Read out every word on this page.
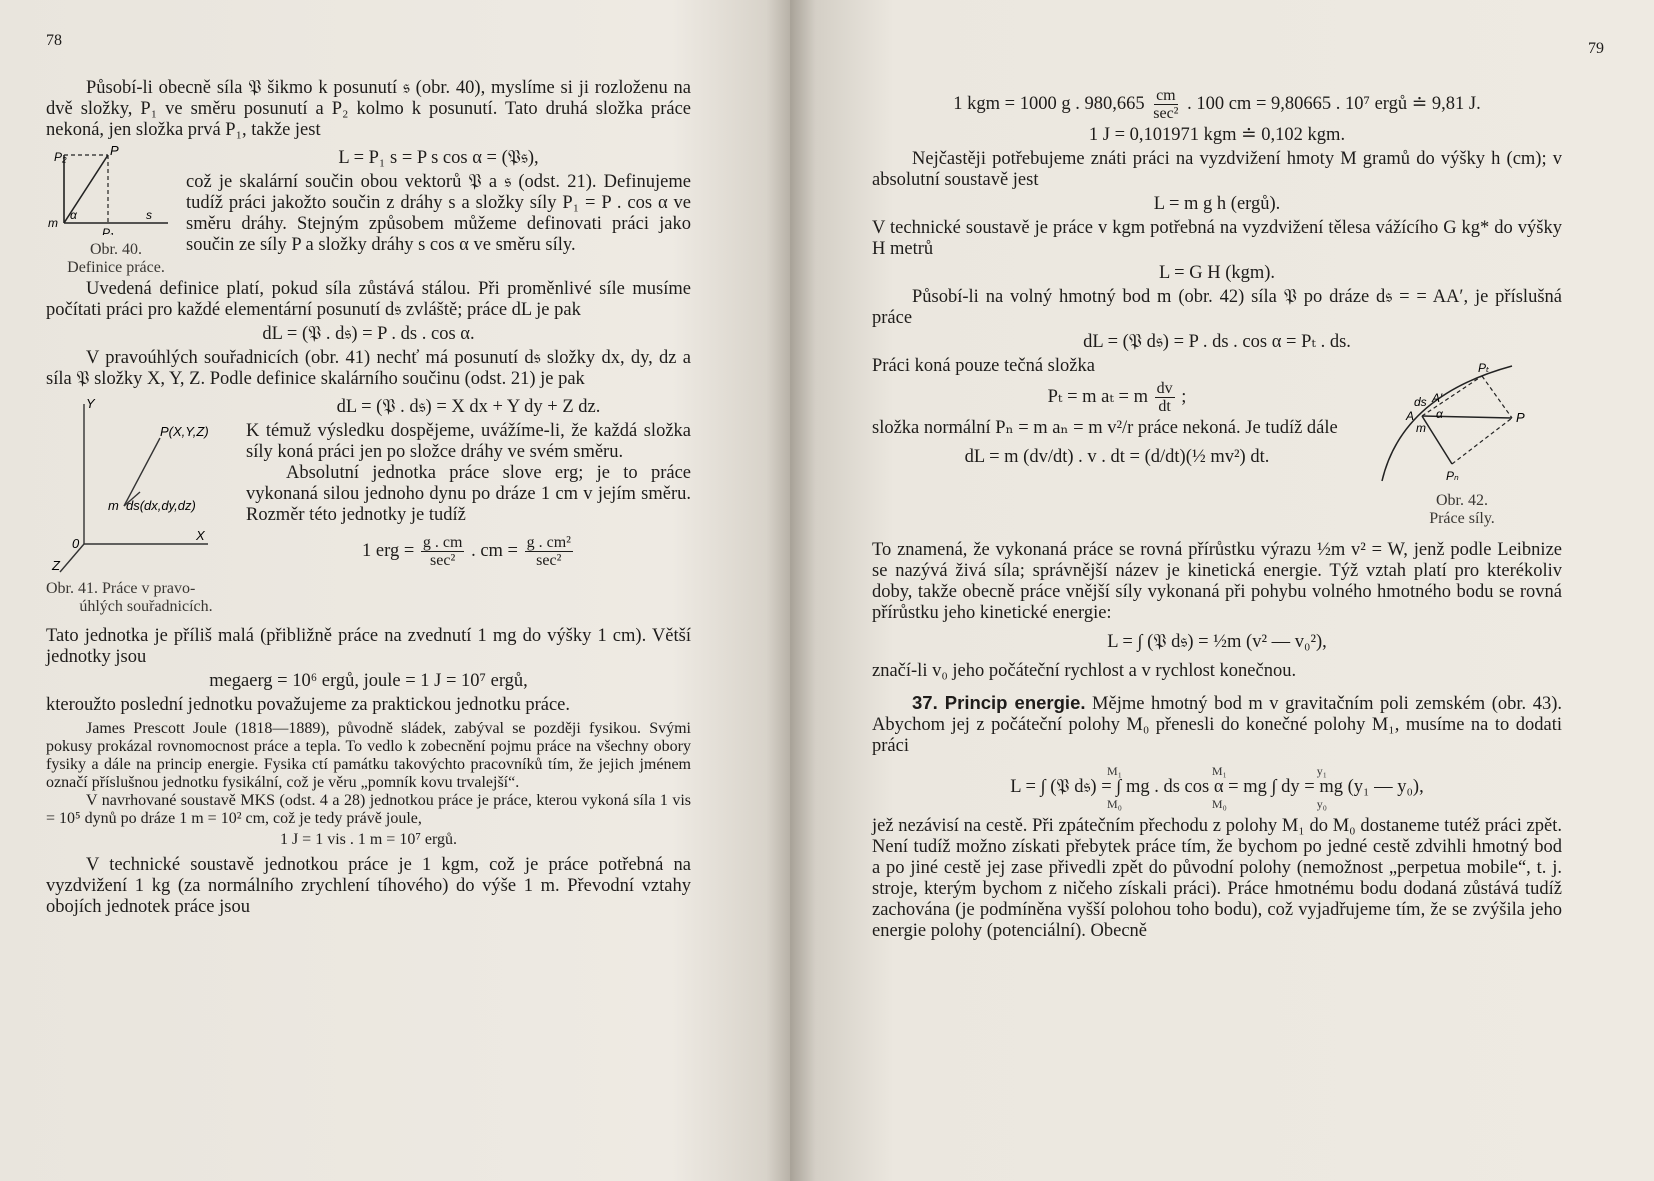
78

Působí-li obecně síla 𝔓 šikmo k posunutí 𝔰 (obr. 40), myslíme si ji rozloženu na dvě složky, P₁ ve směru posunutí a P₂ kolmo k posunutí. Tato druhá složka práce nekoná, jen složka prvá P₁, takže jest

P₂	P
m
α	s
P₁
Obr. 40.
Definice práce.
L = P₁ s = P s cos α = (𝔓𝔰),

což je skalární součin obou vektorů 𝔓 a 𝔰 (odst. 21). Definujeme tudíž práci jakožto součin z dráhy s a složky síly P₁ = P . cos α ve směru dráhy. Stejným způsobem můžeme definovati práci jako součin ze síly P a složky dráhy s cos α ve směru síly.

Uvedená definice platí, pokud síla zůstává stálou. Při proměnlivé síle musíme počítati práci pro každé elementární posunutí d𝔰 zvláště; práce dL je pak

dL = (𝔓 . d𝔰) = P . ds . cos α.

V pravoúhlých souřadnicích (obr. 41) nechť má posunutí d𝔰 složky dx, dy, dz a síla 𝔓 složky X, Y, Z. Podle definice skalárního součinu (odst. 21) je pak

Y
P(X,Y,Z)
m ds(dx,dy,dz)
0
X
Z
Obr. 41. Práce v pravo-
úhlých souřadnicích.
dL = (𝔓 . d𝔰) = X dx + Y dy + Z dz.

K témuž výsledku dospějeme, uvážíme-li, že každá složka síly koná práci jen po složce dráhy ve svém směru.

Absolutní jednotka práce slove erg; je to práce vykonaná silou jednoho dynu po dráze 1 cm v jejím směru. Rozměr této jednotky je tudíž

1 erg = $\frac{g . cm}{\text{sec²}}$ . cm = $\frac{\text{g . cm²}}{\text{sec²}}$

Tato jednotka je příliš malá (přibližně práce na zvednutí 1 mg do výšky 1 cm). Větší jednotky jsou

megaerg = 10⁶ ergů, joule = 1 J = 10⁷ ergů,

kteroužto poslední jednotku považujeme za praktickou jednotku práce.

James Prescott Joule (1818—1889), původně sládek, zabýval se později fysikou. Svými pokusy prokázal rovnomocnost práce a tepla. To vedlo k zobecnění pojmu práce na všechny obory fysiky a dále na princip energie. Fysika ctí památku takovýchto pracovníků tím, že jejich jménem označí příslušnou jednotku fysikální, což je věru „pomník kovu trvalejší“.

V navrhované soustavě MKS (odst. 4 a 28) jednotkou práce je práce, kterou vykoná síla 1 vis = 10⁵ dynů po dráze 1 m = 10² cm, což je tedy právě joule,

1 J = 1 vis . 1 m = 10⁷ ergů.

V technické soustavě jednotkou práce je 1 kgm, což je práce potřebná na vyzdvižení 1 kg (za normálního zrychlení tíhového) do výše 1 m. Převodní vztahy obojích jednotek práce jsou

79
1 kgm = 1000 g . $980,665 \frac{cm}{\text{sec²}}$ . 100 cm = 9,80665 . 10⁷ ergů ≐ 9,81 J.
1 J = 0,101971 kgm ≐ 0,102 kgm.

Nejčastěji potřebujeme znáti práci na vyzdvižení hmoty M gramů do výšky h (cm); v absolutní soustavě jest

L = m g h (ergů).

V technické soustavě je práce v kgm potřebná na vyzdvižení tělesa vážícího G kg* do výšky H metrů

L = G H (kgm).

Působí-li na volný hmotný bod m (obr. 42) síla 𝔓 po dráze d𝔰 = = AA′, je příslušná práce

dL = (𝔓 d𝔰) = P . ds . cos α = Pₜ . ds.

Práci koná pouze tečná složka

Pₜ = m aₜ = m $\frac{dv}{dt}$ ;

složka normální Pₙ = m aₙ = m v²/r práce nekoná. Je tudíž dále

dL = m (dv/dt) . v . dt = (d/dt)(½ mv²) dt.
Pₜ
ds A′
A α
m
P
Pₙ
Obr. 42.
Práce síly.

To znamená, že vykonaná práce se rovná přírůstku výrazu ½m v² = W, jenž podle Leibnize se nazývá živá síla; správnější název je kinetická energie. Týž vztah platí pro kterékoliv doby, takže obecně práce vnější síly vykonaná při pohybu volného hmotného bodu se rovná přírůstku jeho kinetické energie:

L = ∫ (𝔓 d𝔰) = ½m (v² — v₀²),

značí-li v₀ jeho počáteční rychlost a v rychlost konečnou.

37. Princip energie. Mějme hmotný bod m v gravitačním poli zemském (obr. 43). Abychom jej z počáteční polohy M₀ přenesli do konečné polohy M₁, musíme na to dodati práci

M₁	M₁	y₁
L = ∫ (𝔓 d𝔰) = ∫ mg . ds cos α = mg ∫ dy = mg (y₁ — y₀),
M₀	M₀	y₀

jež nezávisí na cestě. Při zpátečním přechodu z polohy M₁ do M₀ dostaneme tutéž práci zpět. Není tudíž možno získati přebytek práce tím, že bychom po jedné cestě zdvihli hmotný bod a po jiné cestě jej zase přivedli zpět do původní polohy (nemožnost „perpetua mobile“, t. j. stroje, kterým bychom z ničeho získali práci). Práce hmotnému bodu dodaná zůstává tudíž zachována (je podmíněna vyšší polohou toho bodu), což vyjadřujeme tím, že se zvýšila jeho energie polohy (potenciální). Obecně
